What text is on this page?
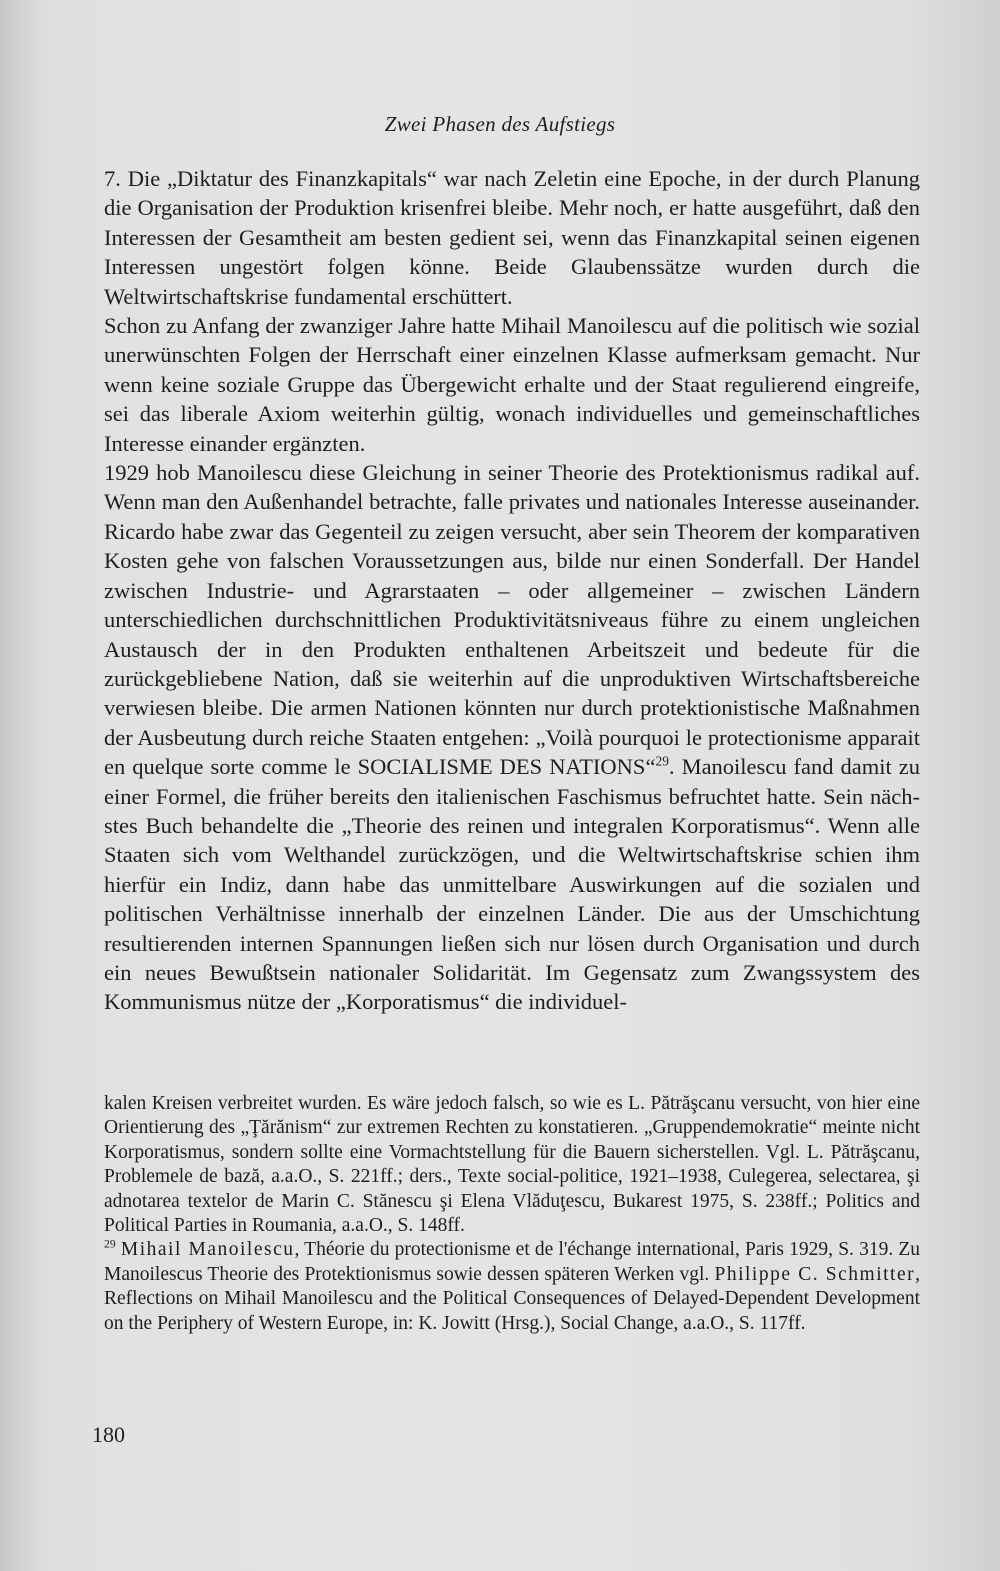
Zwei Phasen des Aufstiegs

7. Die „Diktatur des Finanzkapitals“ war nach Zeletin eine Epoche, in der durch Planung die Organisation der Produktion krisenfrei bleibe. Mehr noch, er hatte ausgeführt, daß den Interessen der Gesamtheit am besten gedient sei, wenn das Finanzkapital seinen eigenen Interessen ungestört folgen könne. Beide Glaubenssätze wurden durch die Weltwirtschaftskrise fundamental erschüttert.

Schon zu Anfang der zwanziger Jahre hatte Mihail Manoilescu auf die politisch wie sozial unerwünschten Folgen der Herrschaft einer einzelnen Klasse aufmerksam gemacht. Nur wenn keine soziale Gruppe das Übergewicht erhalte und der Staat regulierend eingreife, sei das liberale Axiom weiterhin gültig, wonach individuelles und gemeinschaftliches Interesse einander ergänzten.

1929 hob Manoilescu diese Gleichung in seiner Theorie des Protektionismus radikal auf. Wenn man den Außenhandel betrachte, falle privates und nationales Interesse auseinander. Ricardo habe zwar das Gegenteil zu zeigen versucht, aber sein Theorem der komparativen Kosten gehe von falschen Voraussetzungen aus, bilde nur einen Sonderfall. Der Handel zwischen Industrie- und Agrarstaaten – oder allgemeiner – zwischen Ländern unterschiedlichen durchschnittlichen Produktivitätsniveaus führe zu einem ungleichen Austausch der in den Produkten enthaltenen Arbeitszeit und bedeute für die zurückgebliebene Nation, daß sie weiterhin auf die unproduktiven Wirtschaftsbereiche verwiesen bleibe. Die armen Nationen könnten nur durch protektionistische Maßnahmen der Ausbeutung durch reiche Staaten entgehen: „Voilà pourquoi le protectionisme apparait en quelque sorte comme le SOCIALISME DES NATIONS“$^{29}$. Manoilescu fand damit zu einer Formel, die früher bereits den italienischen Faschismus befruchtet hatte. Sein nächstes Buch behandelte die „Theorie des reinen und integralen Korporatismus“. Wenn alle Staaten sich vom Welthandel zurückzögen, und die Weltwirtschaftskrise schien ihm hierfür ein Indiz, dann habe das unmittelbare Auswirkungen auf die sozialen und politischen Verhältnisse innerhalb der einzelnen Länder. Die aus der Umschichtung resultierenden internen Spannungen ließen sich nur lösen durch Organisation und durch ein neues Bewußtsein nationaler Solidarität. Im Gegensatz zum Zwangssystem des Kommunismus nütze der „Korporatismus“ die individuel-

kalen Kreisen verbreitet wurden. Es wäre jedoch falsch, so wie es L. Pătrăşcanu versucht, von hier eine Orientierung des „Ţărănism“ zur extremen Rechten zu konstatieren. „Gruppendemokratie“ meinte nicht Korporatismus, sondern sollte eine Vormachtstellung für die Bauern sicherstellen. Vgl. L. Pătrăşcanu, Problemele de bază, a.a.O., S. 221ff.; ders., Texte social-politice, 1921–1938, Culegerea, selectarea, şi adnotarea textelor de Marin C. Stănescu şi Elena Vlăduţescu, Bukarest 1975, S. 238ff.; Politics and Political Parties in Roumania, a.a.O., S. 148ff.

$^{29}$ Mihail Manoilescu, Théorie du protectionisme et de l'échange international, Paris 1929, S. 319. Zu Manoilescus Theorie des Protektionismus sowie dessen späteren Werken vgl. Philippe C. Schmitter, Reflections on Mihail Manoilescu and the Political Consequences of Delayed-Dependent Development on the Periphery of Western Europe, in: K. Jowitt (Hrsg.), Social Change, a.a.O., S. 117ff.

180
